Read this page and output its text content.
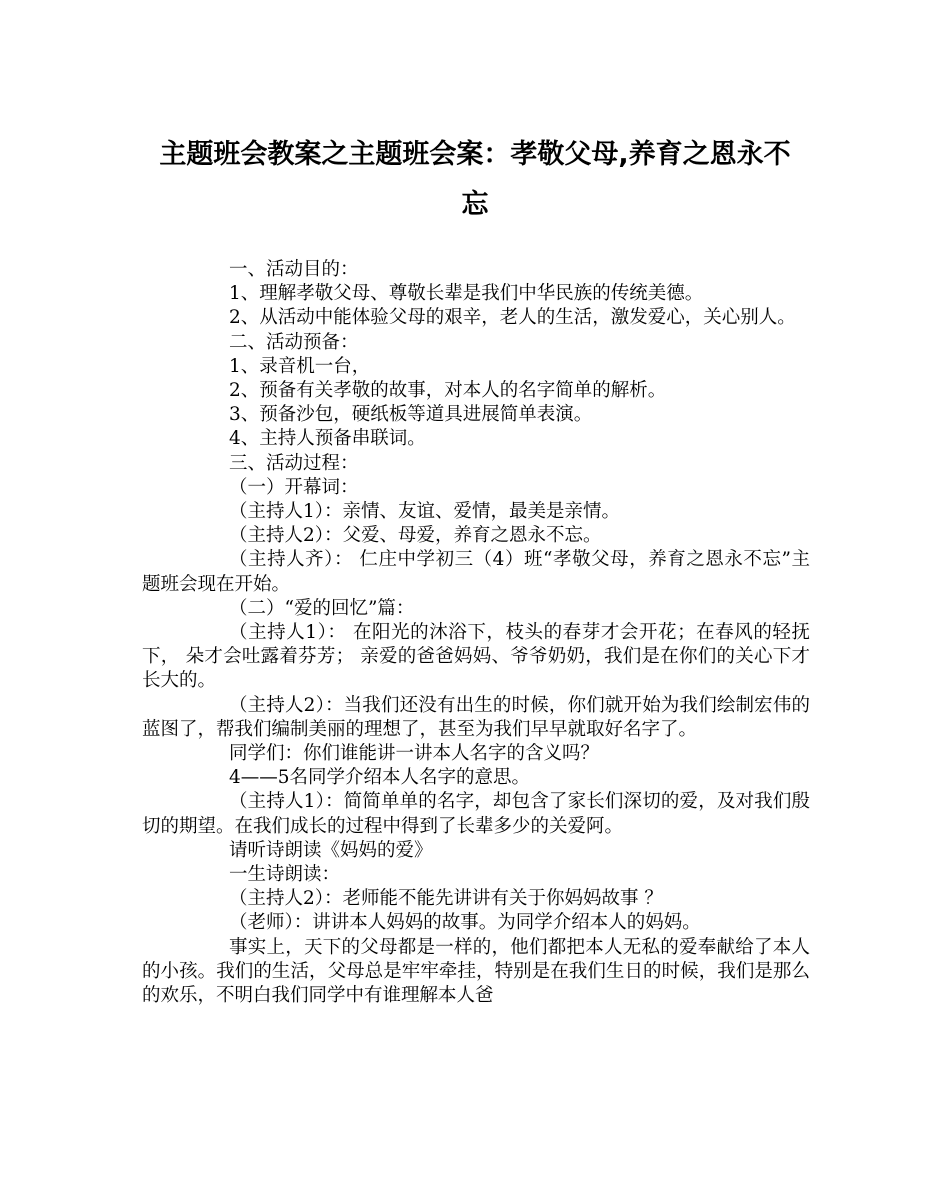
主题班会教案之主题班会案：孝敬父母,养育之恩永不
忘

一、活动目的：

1、理解孝敬父母、尊敬长辈是我们中华民族的传统美德。

2、从活动中能体验父母的艰辛，老人的生活，激发爱心，关心别人。

二、活动预备：

1、录音机一台，

2、预备有关孝敬的故事，对本人的名字简单的解析。

3、预备沙包，硬纸板等道具进展简单表演。

4、主持人预备串联词。

三、活动过程：

（一）开幕词：

（主持人1）：亲情、友谊、爱情，最美是亲情。

（主持人2）：父爱、母爱，养育之恩永不忘。

（主持人齐）： 仁庄中学初三（4）班“孝敬父母，养育之恩永不忘”主题班会现在开始。

（二）“爱的回忆”篇：

（主持人1）： 在阳光的沐浴下，枝头的春芽才会开花；在春风的轻抚下， 朵才会吐露着芬芳； 亲爱的爸爸妈妈、爷爷奶奶，我们是在你们的关心下才长大的。

（主持人2）：当我们还没有出生的时候，你们就开始为我们绘制宏伟的蓝图了，帮我们编制美丽的理想了，甚至为我们早早就取好名字了。

同学们：你们谁能讲一讲本人名字的含义吗？

4——5名同学介绍本人名字的意思。

（主持人1）：简简单单的名字，却包含了家长们深切的爱，及对我们殷切的期望。在我们成长的过程中得到了长辈多少的关爱阿。

请听诗朗读《妈妈的爱》

一生诗朗读：

（主持人2）：老师能不能先讲讲有关于你妈妈故事 ？

（老师）：讲讲本人妈妈的故事。为同学介绍本人的妈妈。

事实上，天下的父母都是一样的，他们都把本人无私的爱奉献给了本人的小孩。我们的生活，父母总是牢牢牵挂，特别是在我们生日的时候，我们是那么的欢乐，不明白我们同学中有谁理解本人爸
